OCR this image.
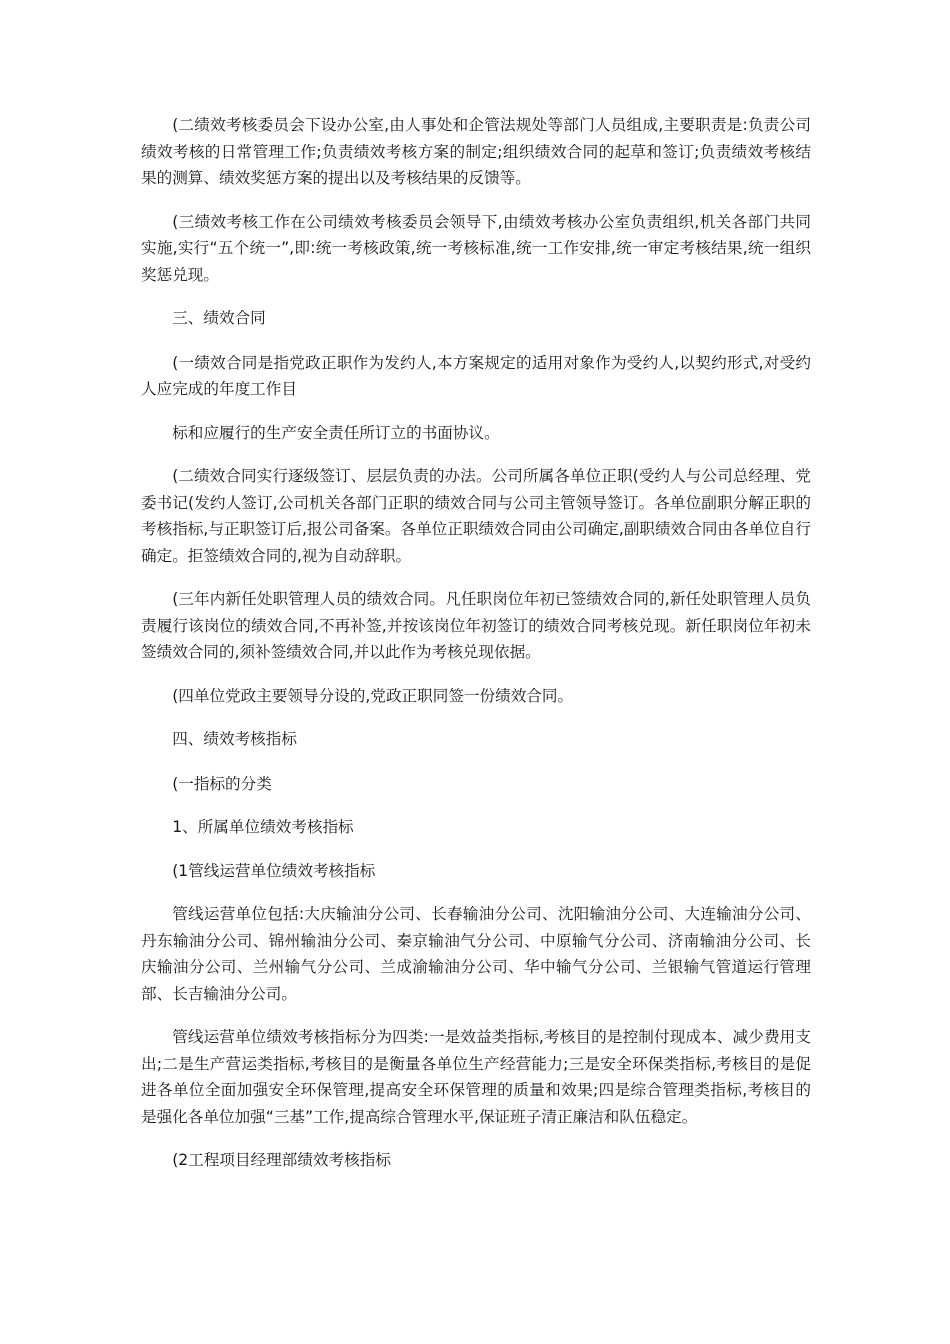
(二绩效考核委员会下设办公室,由人事处和企管法规处等部门人员组成,主要职责是:负责公司绩效考核的日常管理工作;负责绩效考核方案的制定;组织绩效合同的起草和签订;负责绩效考核结果的测算、绩效奖惩方案的提出以及考核结果的反馈等。

(三绩效考核工作在公司绩效考核委员会领导下,由绩效考核办公室负责组织,机关各部门共同实施,实行“五个统一”,即:统一考核政策,统一考核标准,统一工作安排,统一审定考核结果,统一组织奖惩兑现。

三、绩效合同

(一绩效合同是指党政正职作为发约人,本方案规定的适用对象作为受约人,以契约形式,对受约人应完成的年度工作目

标和应履行的生产安全责任所订立的书面协议。

(二绩效合同实行逐级签订、层层负责的办法。公司所属各单位正职(受约人与公司总经理、党委书记(发约人签订,公司机关各部门正职的绩效合同与公司主管领导签订。各单位副职分解正职的考核指标,与正职签订后,报公司备案。各单位正职绩效合同由公司确定,副职绩效合同由各单位自行确定。拒签绩效合同的,视为自动辞职。

(三年内新任处职管理人员的绩效合同。凡任职岗位年初已签绩效合同的,新任处职管理人员负责履行该岗位的绩效合同,不再补签,并按该岗位年初签订的绩效合同考核兑现。新任职岗位年初未签绩效合同的,须补签绩效合同,并以此作为考核兑现依据。

(四单位党政主要领导分设的,党政正职同签一份绩效合同。

四、绩效考核指标

(一指标的分类

1、所属单位绩效考核指标

(1管线运营单位绩效考核指标

管线运营单位包括:大庆输油分公司、长春输油分公司、沈阳输油分公司、大连输油分公司、丹东输油分公司、锦州输油分公司、秦京输油气分公司、中原输气分公司、济南输油分公司、长庆输油分公司、兰州输气分公司、兰成渝输油分公司、华中输气分公司、兰银输气管道运行管理部、长吉输油分公司。

管线运营单位绩效考核指标分为四类:一是效益类指标,考核目的是控制付现成本、减少费用支出;二是生产营运类指标,考核目的是衡量各单位生产经营能力;三是安全环保类指标,考核目的是促进各单位全面加强安全环保管理,提高安全环保管理的质量和效果;四是综合管理类指标,考核目的是强化各单位加强“三基”工作,提高综合管理水平,保证班子清正廉洁和队伍稳定。

(2工程项目经理部绩效考核指标
